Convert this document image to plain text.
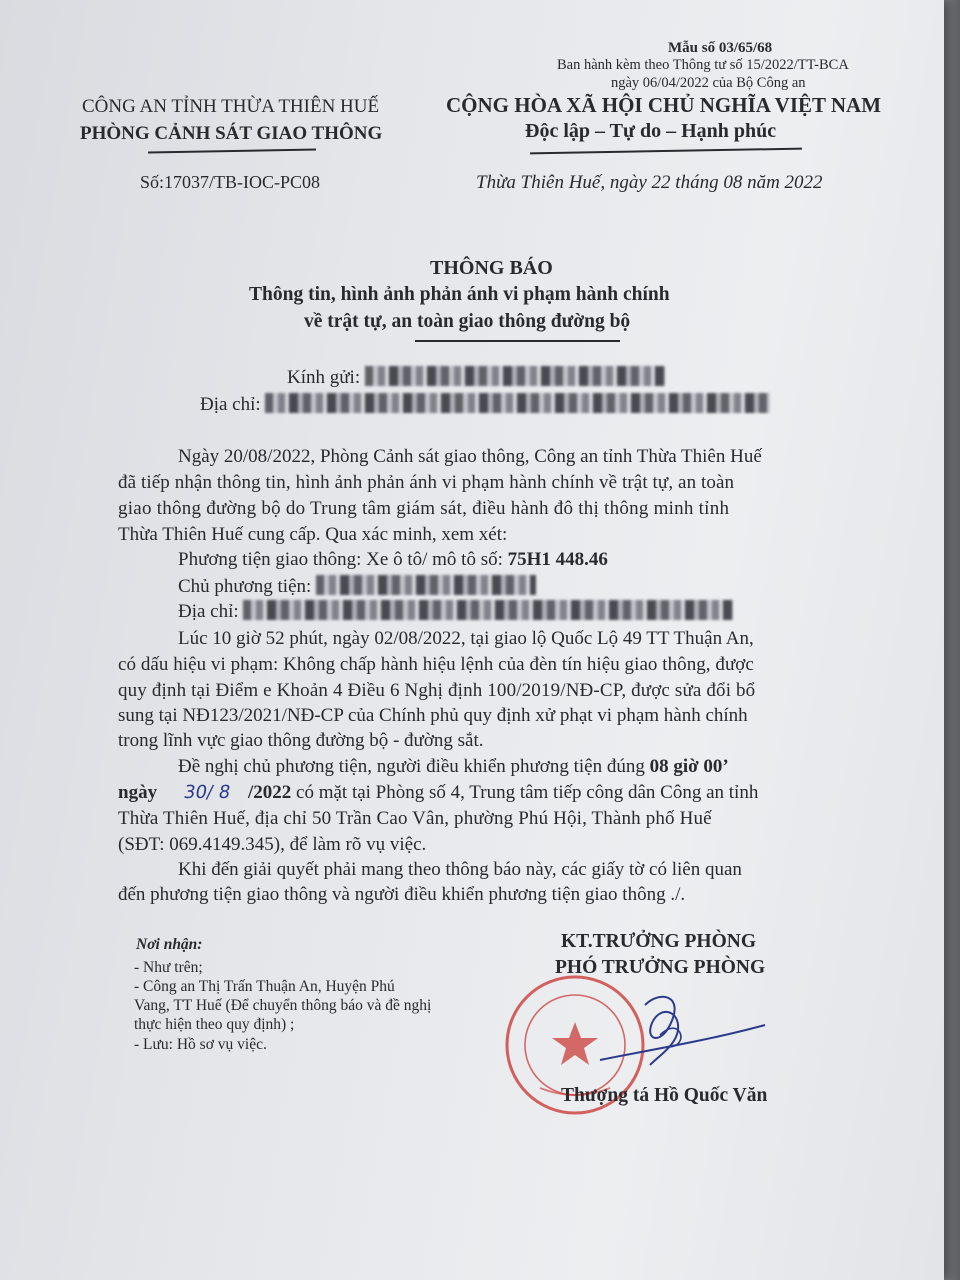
Mẫu số 03/65/68
Ban hành kèm theo Thông tư số 15/2022/TT-BCA
ngày 06/04/2022 của Bộ Công an
CÔNG AN TỈNH THỪA THIÊN HUẾ
PHÒNG CẢNH SÁT GIAO THÔNG
CỘNG HÒA XÃ HỘI CHỦ NGHĨA VIỆT NAM
Độc lập – Tự do – Hạnh phúc
Số:17037/TB-IOC-PC08	Thừa Thiên Huế, ngày 22 tháng 08 năm 2022
THÔNG BÁO
Thông tin, hình ảnh phản ánh vi phạm hành chính
về trật tự, an toàn giao thông đường bộ
Kính gửi:
Địa chỉ:
Ngày 20/08/2022, Phòng Cảnh sát giao thông, Công an tỉnh Thừa Thiên Huế
đã tiếp nhận thông tin, hình ảnh phản ánh vi phạm hành chính về trật tự, an toàn
giao thông đường bộ do Trung tâm giám sát, điều hành đô thị thông minh tỉnh
Thừa Thiên Huế cung cấp. Qua xác minh, xem xét:
Phương tiện giao thông: Xe ô tô/ mô tô số: 75H1 448.46
Chủ phương tiện:
Địa chỉ:
Lúc 10 giờ 52 phút, ngày 02/08/2022, tại giao lộ Quốc Lộ 49 TT Thuận An,
có dấu hiệu vi phạm: Không chấp hành hiệu lệnh của đèn tín hiệu giao thông, được
quy định tại Điểm e Khoản 4 Điều 6 Nghị định 100/2019/NĐ-CP, được sửa đổi bổ
sung tại NĐ123/2021/NĐ-CP của Chính phủ quy định xử phạt vi phạm hành chính
trong lĩnh vực giao thông đường bộ - đường sắt.
Đề nghị chủ phương tiện, người điều khiển phương tiện đúng 08 giờ 00’
ngày 30/ 8 /2022 có mặt tại Phòng số 4, Trung tâm tiếp công dân Công an tỉnh
Thừa Thiên Huế, địa chỉ 50 Trần Cao Vân, phường Phú Hội, Thành phố Huế
(SĐT: 069.4149.345), để làm rõ vụ việc.
Khi đến giải quyết phải mang theo thông báo này, các giấy tờ có liên quan
đến phương tiện giao thông và người điều khiển phương tiện giao thông ./.
Nơi nhận:
- Như trên;
- Công an Thị Trấn Thuận An, Huyện Phú
Vang, TT Huế (Để chuyển thông báo và đề nghị
thực hiện theo quy định) ;
- Lưu: Hồ sơ vụ việc.
KT.TRƯỞNG PHÒNG
PHÓ TRƯỞNG PHÒNG
Thượng tá Hồ Quốc Văn
